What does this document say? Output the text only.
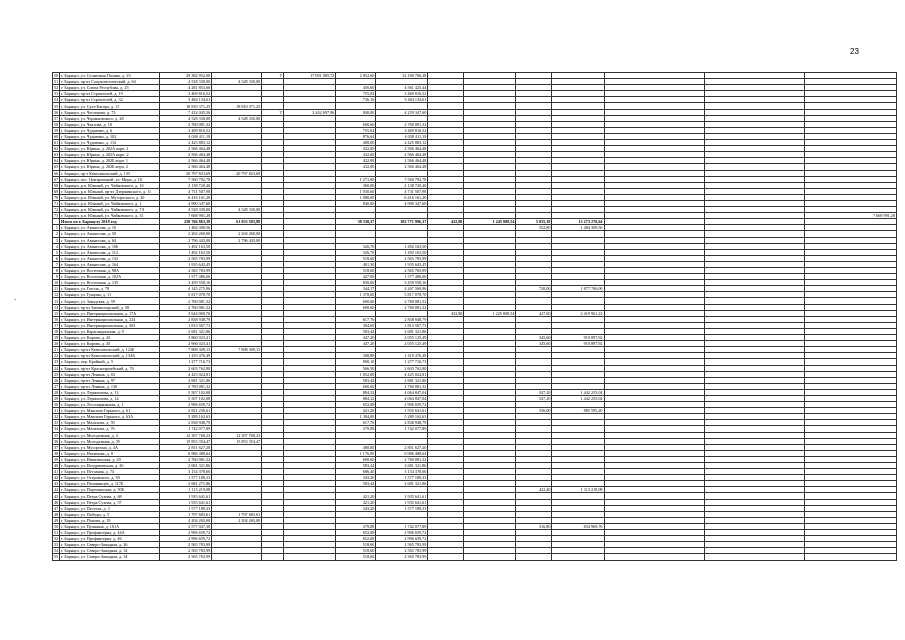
23
-
50	г. Барнаул, ул. Солнечная Поляна, д. 23	29 382 952,00		Т	17 091 085,72	2 852,60	32 190 706,28							
51	г. Барнаул, пр-кт Социалистический, д. 64	4 528 330,00	4 528 330,00											
52	г. Барнаул, ул. Союза Республик, д. 25	4 281 853,66				456,60	4 561 425,44							
53	г. Барнаул, пр-кт Строителей, д. 19	3 469 816,52				755,04	3 469 816,52							
54	г. Барнаул, пр-кт Строителей, д. 32	3 484 134,61				736,16	3 484 134,61							
55	г. Барнаул, ул. Сухэ-Батора, д. 11	18 810 371,25	18 810 371,25											
56	г. Барнаул, ул. Чеглецова, д. 73	7 432 045,56		Т	2 442 697,96	840,00	4 259 347,60							
57	г. Барнаул, ул. Черняховского, д. 28	4 528 330,00	4 528 330,00											
58	г. Барнаул, ул. Чкалова, д. 18	2 760 081,32				600,60	2 760 081,32							
59	г. Барнаул, ул. Чудненко, д. 6	3 469 816,52				755,04	3 469 816,52							
60	г. Барнаул, ул. Чудненко, д. 102	4 038 411,19				876,64	4 038 411,19							
61	г. Барнаул, ул. Чудненко, д. 114	2 425 883,12				408,00	2 425 883,12							
62	г. Барнаул, ул. Юрина, д. 202А корп. 1	2 566 464,48				432,00	2 566 464,48							
63	г. Барнаул, ул. Юрина, д. 202А корп. 2	2 566 464,48				432,00	2 566 464,48							
64	г. Барнаул, ул. Юрина, д. 202Б корп. 1	2 566 464,48				432,00	2 566 464,48							
65	г. Барнаул, ул. Юрина, д. 202Б корп. 2	2 566 464,48				432,00	2 566 464,48							
66	г. Барнаул, пр-т Комсомольский, д. 135	20 797 823,69	20 797 823,69											
67	г. Барнаул, пос. Центральный, ул. Мира, д. 10	7 560 792,78				1 271,00	7 560 792,78							
68	г. Барнаул, р.п. Южный, ул. Чайковского, д. 16	2 138 720,40				360,00	2 138 720,40							
69	г. Барнаул, р.п. Южный, пр-кт Дзержинского, д. 11	4 731 507,98				1 030,60	4 731 507,98							
70	г. Барнаул, р.п. Южный, ул. Мусоргского, д. 20	6 416 161,20				1 080,00	6 416 161,20							
71	г. Барнаул, р.п. Южный, ул. Чайковского, д. 1	4 990 347,60				840,00	4 990 347,60							
72	г. Барнаул, р.п. Южный, ул. Чайковского, д. 7А	4 528 330,00	4 528 330,00											
73	г. Барнаул, р.п. Южный, ул. Чайковского, д. 31	7 668 991,20												7 668 991,20
	Итого по г. Барнаулу 2018 год	258 766 863,38	61 053 583,88			38 338,37	182 771 996,37	432,80	1 245 008,54	5 035,30	13 273 276,64			
1	г. Барнаул, ул. Аванесова, д. 16	1 484 309,56								552,80	1 484 309,56			
2	г. Барнаул, ул. Аванесова, д. 50	2 204 260,00	2 204 260,00											
3	г. Барнаул, ул. Аванесова, д. 64	2 796 443,00	2 796 443,00											
4	г. Барнаул, ул. Аванесова, д. 106	1 492 163,50				326,70	1 492 163,50							
5	г. Барнаул, ул. Аванесова, д. 112	1 492 163,50				326,70	1 492 163,50							
6	г. Барнаул, ул. Аванесова, д. 132	2 565 783,99				518,60	2 565 783,99							
7	г. Барнаул, ул. Аванесова, д. 164	1 935 643,45				401,30	1 935 643,45							
8	г. Барнаул, ул. Восточная, д. 98А	2 565 783,99				518,60	2 565 783,99							
9	г. Барнаул, ул. Восточная, д. 102А	1 577 486,66				427,00	1 577 486,66							
10	г. Барнаул, ул. Восточная, д. 135	3 459 558,16				650,00	3 459 558,16							
11	г. Барнаул, ул. Гоголя, д. 78	4 145 275,96				344,17	2 267 569,96			720,00	1 877 706,00			
12	г. Барнаул, ул. Гущина, д. 11	5 817 078,70				1 378,60	5 817 078,70							
13	г. Барнаул, ул. Заводская, д. 59	2 760 081,32				600,60	2 760 081,32							
14	г. Барнаул, пр-кт Змеиногорский, д. 58	2 760 081,32				600,60	2 760 081,32							
15	г. Барнаул, ул. Интернациональная, д. 17А	3 644 969,76						432,80	1 225 008,54	427,60	2 419 961,22			
16	г. Барнаул, ул. Интернациональная, д. 224	2 838 948,79				617,76	2 838 948,79							
17	г. Барнаул, ул. Интернациональная, д. 303	1 813 567,73				394,60	1 813 567,73							
18	г. Барнаул, ул. Карагандинская, д. 9	2 681 321,86				583,44	2 681 321,86							
19	г. Барнаул, ул. Кирова, д. 43	3 860 023,41				447,20	2 055 125,49			345,60	910 897,92			
20	г. Барнаул, ул. Кирова, д. 45	2 966 023,41				447,20	2 055 125,49			345,60	910 897,92			
21	г. Барнаул, пр-кт Комсомольский, д. 122Б	7 808 309,13	7 808 309,13											
22	г. Барнаул, пр-кт Комсомольский, д. 134А	1 419 476,49				308,88	1 419 476,49							
23	г. Барнаул, пер. Крайний, д. 5	1 277 716,73				800,10	1 277 716,73							
24	г. Барнаул, пр-кт Красноармейский, д. 76	2 603 762,80				566,50	2 603 762,80							
25	г. Барнаул, пр-кт Ленина, д. 65	4 425 024,81				1 852,00	4 425 024,81							
26	г. Барнаул, пр-кт Ленина, д. 97	2 681 321,86				583,44	2 681 321,86							
27	г. Барнаул, пр-кт Ленина, д. 130	2 760 081,32				600,60	2 760 081,32							
28	г. Барнаул, ул. Лермонтова, д. 12	5 507 102,08				884,32	4 064 847,04			547,20	1 442 255,04			
29	г. Барнаул, ул. Лермонтова, д. 14	5 507 102,08				884,32	4 064 847,04			547,20	1 442 255,04			
30	г. Барнаул, ул. Лесопарковская, д. 1	2 996 659,72				652,08	2 996 659,72							
31	г. Барнаул, ул. Максима Горького, д. 61	2 821 236,61				421,20	1 935 641,61			336,00	885 595,20			
32	г. Барнаул, ул. Максима Горького, д. 63А	5 289 162,63				1 384,00	5 289 162,63							
33	г. Барнаул, ул. Малахова, д. 59	2 838 948,79				617,76	2 838 948,79							
34	г. Барнаул, ул. Малахова, д. 76	1 742 077,89				379,08	1 742 077,89							
35	г. Барнаул, ул. Молодежная, д. 4	12 307 768,23	12 307 768,23											
36	г. Барнаул, ул. Молодежная, д. 35	15 853 354,47	15 853 354,47											
37	г. Барнаул, ул. Мусоргина, д. 4А	2 851 627,20				480,00	2 851 627,20							
38	г. Барнаул, ул. Нахимова, д. 8	6 986 488,64				1 176,00	6 986 488,64							
39	г. Барнаул, ул. Никитинская, д. 29	2 760 081,32				600,60	2 760 081,32							
40	г. Барнаул, ул. Ноздрачевская, д. 26	2 681 321,86				583,44	2 681 321,86							
41	г. Барнаул, ул. Песчаная, д. 74	3 154 378,66				686,40	3 154 378,66							
42	г. Барнаул, ул. Островского, д. 39	1 577 189,33				343,20	1 577 189,33							
43	г. Барнаул, ул. Папанинцев, д. 117Б	2 681 271,86				583,44	2 681 321,86							
44	г. Барнаул, ул. Партизанская, д. 50Б	1 113 219,08								422,40	1 113 219,08			
45	г. Барнаул, ул. Петра Сухова, д. 68	1 935 641,61				421,20	1 935 641,61							
46	г. Барнаул, ул. Петра Сухова, д. 57	1 935 641,61				421,20	1 935 641,61							
47	г. Барнаул, ул. Пестеля, д. 3	1 577 189,33				343,20	1 577 189,33							
48	г. Барнаул, ул. Победы, д. 5	1 797 683,61	1 797 683,61											
49	г. Барнаул, ул. Попова, д. 19	2 204 265,00	2 204 265,00											
50	г. Барнаул, ул. Пушкина, д. 101А	2 577 047,30				379,08	1 742 077,89			316,80	834 969,76			
51	г. Барнаул, ул. Профинтерна, д. 44А	2 996 659,72				652,08	2 996 659,72							
52	г. Барнаул, ул. Профинтерна, д. 46	2 996 659,72				652,08	2 996 659,72							
53	г. Барнаул, ул. Северо-Западная, д. 26	2 565 783,99				518,60	2 565 783,99							
54	г. Барнаул, ул. Северо-Западная, д. 32	2 565 783,99				518,60	2 565 783,99							
55	г. Барнаул, ул. Северо-Западная, д. 34	2 565 783,99				518,60	2 565 783,99							
